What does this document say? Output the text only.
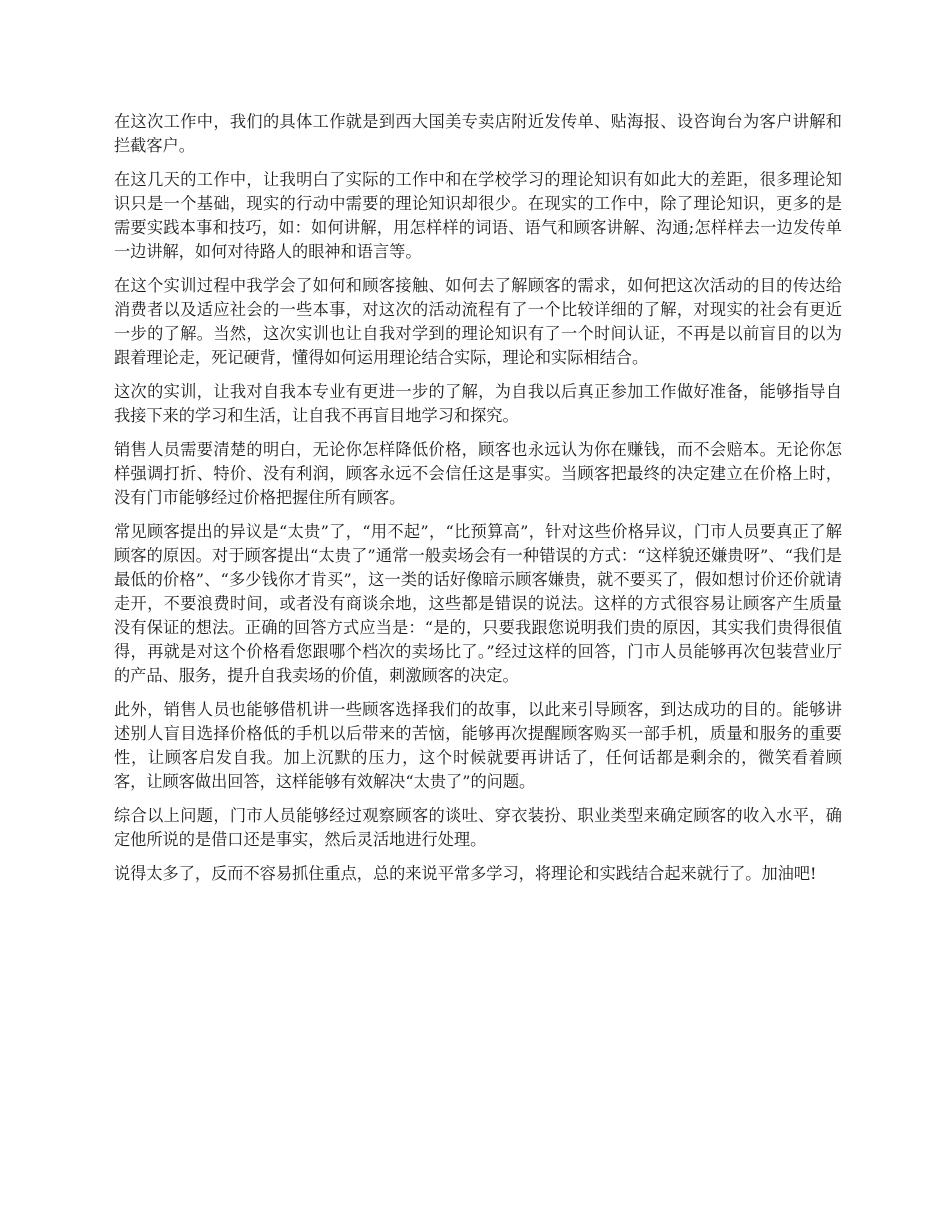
在这次工作中，我们的具体工作就是到西大国美专卖店附近发传单、贴海报、设咨询台为客户讲解和拦截客户。

在这几天的工作中，让我明白了实际的工作中和在学校学习的理论知识有如此大的差距，很多理论知识只是一个基础，现实的行动中需要的理论知识却很少。在现实的工作中，除了理论知识，更多的是需要实践本事和技巧，如：如何讲解，用怎样样的词语、语气和顾客讲解、沟通;怎样样去一边发传单一边讲解，如何对待路人的眼神和语言等。

在这个实训过程中我学会了如何和顾客接触、如何去了解顾客的需求，如何把这次活动的目的传达给消费者以及适应社会的一些本事，对这次的活动流程有了一个比较详细的了解，对现实的社会有更近一步的了解。当然，这次实训也让自我对学到的理论知识有了一个时间认证，不再是以前盲目的以为跟着理论走，死记硬背，懂得如何运用理论结合实际，理论和实际相结合。

这次的实训，让我对自我本专业有更进一步的了解，为自我以后真正参加工作做好准备，能够指导自我接下来的学习和生活，让自我不再盲目地学习和探究。

销售人员需要清楚的明白，无论你怎样降低价格，顾客也永远认为你在赚钱，而不会赔本。无论你怎样强调打折、特价、没有利润，顾客永远不会信任这是事实。当顾客把最终的决定建立在价格上时，没有门市能够经过价格把握住所有顾客。

常见顾客提出的异议是“太贵”了，“用不起”，“比预算高”，针对这些价格异议，门市人员要真正了解顾客的原因。对于顾客提出“太贵了”通常一般卖场会有一种错误的方式：“这样貌还嫌贵呀”、“我们是最低的价格”、“多少钱你才肯买”，这一类的话好像暗示顾客嫌贵，就不要买了，假如想讨价还价就请走开，不要浪费时间，或者没有商谈余地，这些都是错误的说法。这样的方式很容易让顾客产生质量没有保证的想法。正确的回答方式应当是：“是的，只要我跟您说明我们贵的原因，其实我们贵得很值得，再就是对这个价格看您跟哪个档次的卖场比了。”经过这样的回答，门市人员能够再次包装营业厅的产品、服务，提升自我卖场的价值，刺激顾客的决定。

此外，销售人员也能够借机讲一些顾客选择我们的故事，以此来引导顾客，到达成功的目的。能够讲述别人盲目选择价格低的手机以后带来的苦恼，能够再次提醒顾客购买一部手机，质量和服务的重要性，让顾客启发自我。加上沉默的压力，这个时候就要再讲话了，任何话都是剩余的，微笑看着顾客，让顾客做出回答，这样能够有效解决“太贵了”的问题。

综合以上问题，门市人员能够经过观察顾客的谈吐、穿衣装扮、职业类型来确定顾客的收入水平，确定他所说的是借口还是事实，然后灵活地进行处理。

说得太多了，反而不容易抓住重点，总的来说平常多学习，将理论和实践结合起来就行了。加油吧!
